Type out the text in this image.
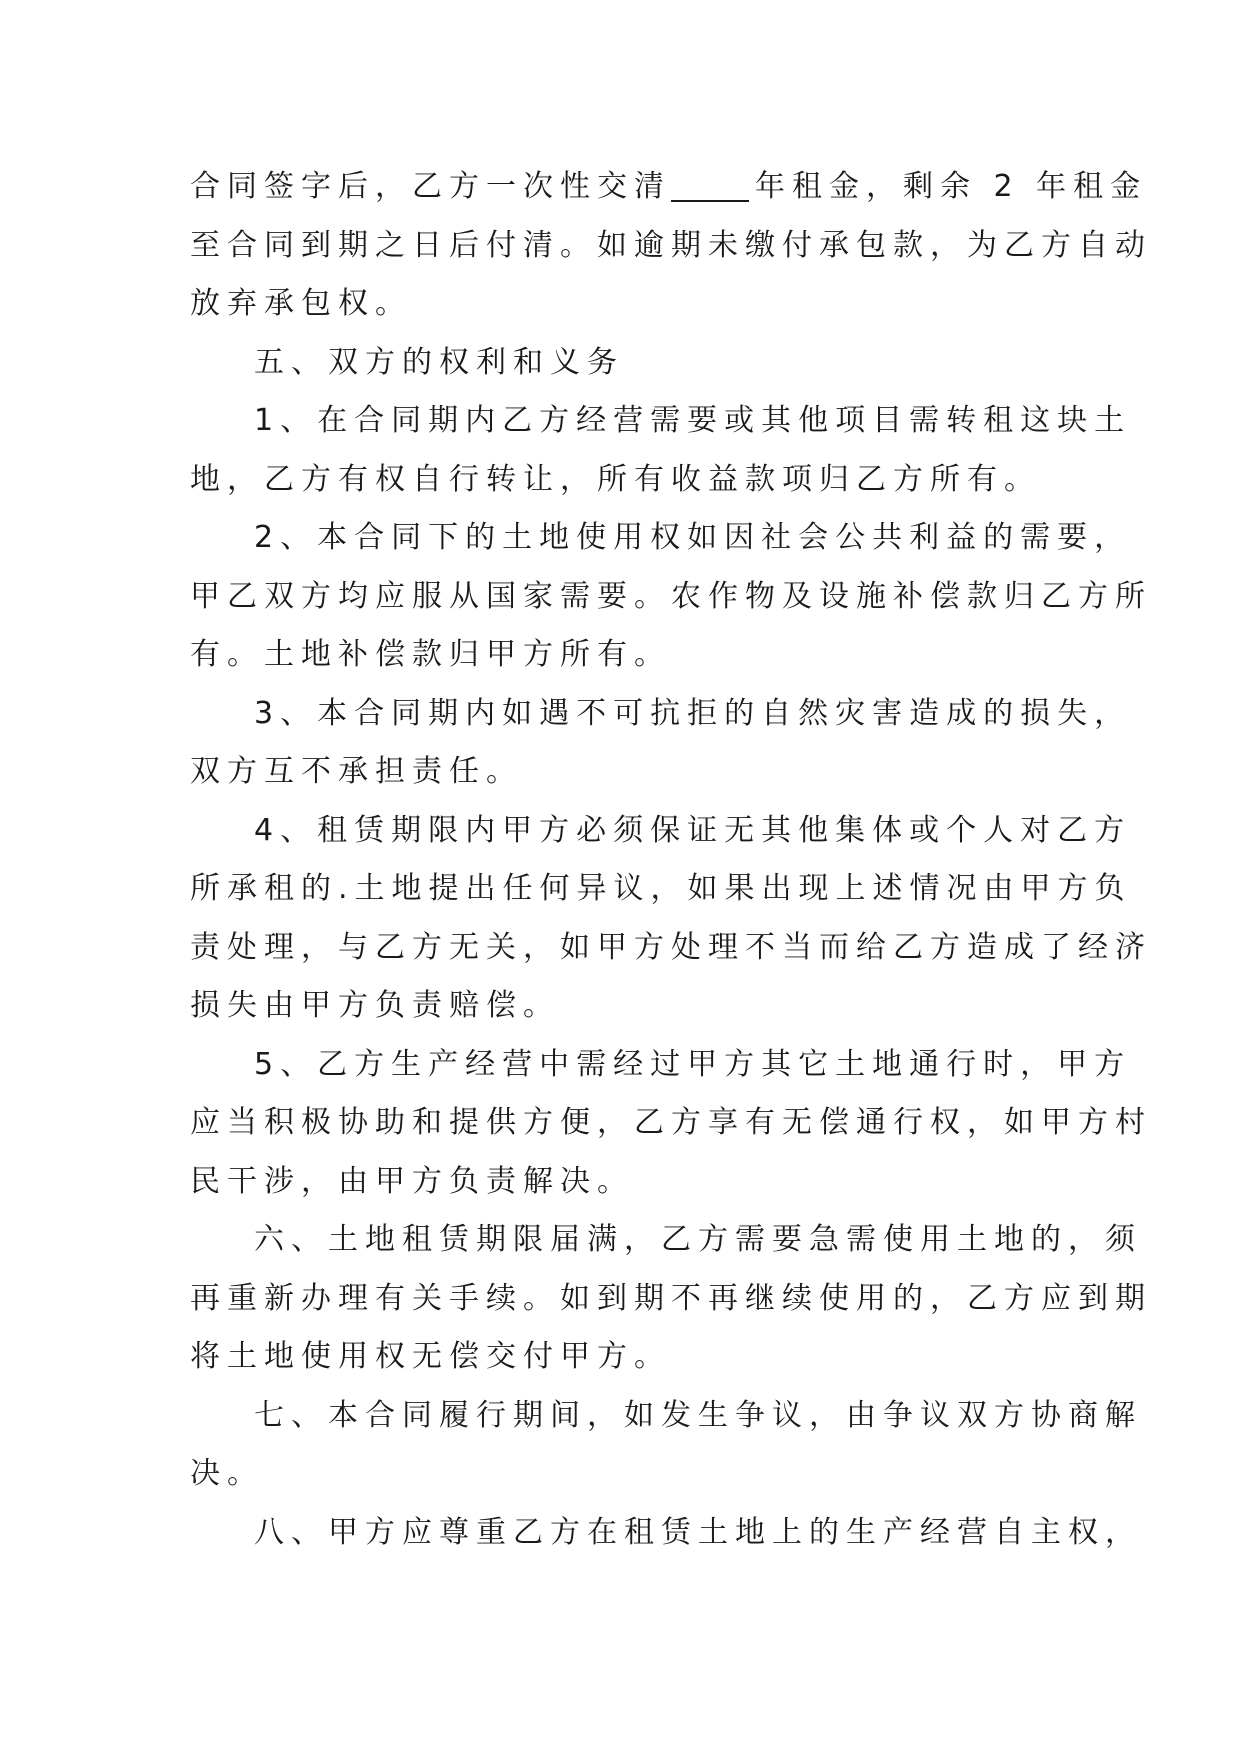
合同签字后，乙方一次性交清	年租金，剩余 2 年租金
至合同到期之日后付清。如逾期未缴付承包款，为乙方自动
放弃承包权。
五、双方的权利和义务
1、在合同期内乙方经营需要或其他项目需转租这块土
地，乙方有权自行转让，所有收益款项归乙方所有。
2、本合同下的土地使用权如因社会公共利益的需要，
甲乙双方均应服从国家需要。农作物及设施补偿款归乙方所
有。土地补偿款归甲方所有。
3、本合同期内如遇不可抗拒的自然灾害造成的损失，
双方互不承担责任。
4、租赁期限内甲方必须保证无其他集体或个人对乙方
所承租的.土地提出任何异议，如果出现上述情况由甲方负
责处理，与乙方无关，如甲方处理不当而给乙方造成了经济
损失由甲方负责赔偿。
5、乙方生产经营中需经过甲方其它土地通行时，甲方
应当积极协助和提供方便，乙方享有无偿通行权，如甲方村
民干涉，由甲方负责解决。
六、土地租赁期限届满，乙方需要急需使用土地的，须
再重新办理有关手续。如到期不再继续使用的，乙方应到期
将土地使用权无偿交付甲方。
七、本合同履行期间，如发生争议，由争议双方协商解
决。
八、甲方应尊重乙方在租赁土地上的生产经营自主权，
